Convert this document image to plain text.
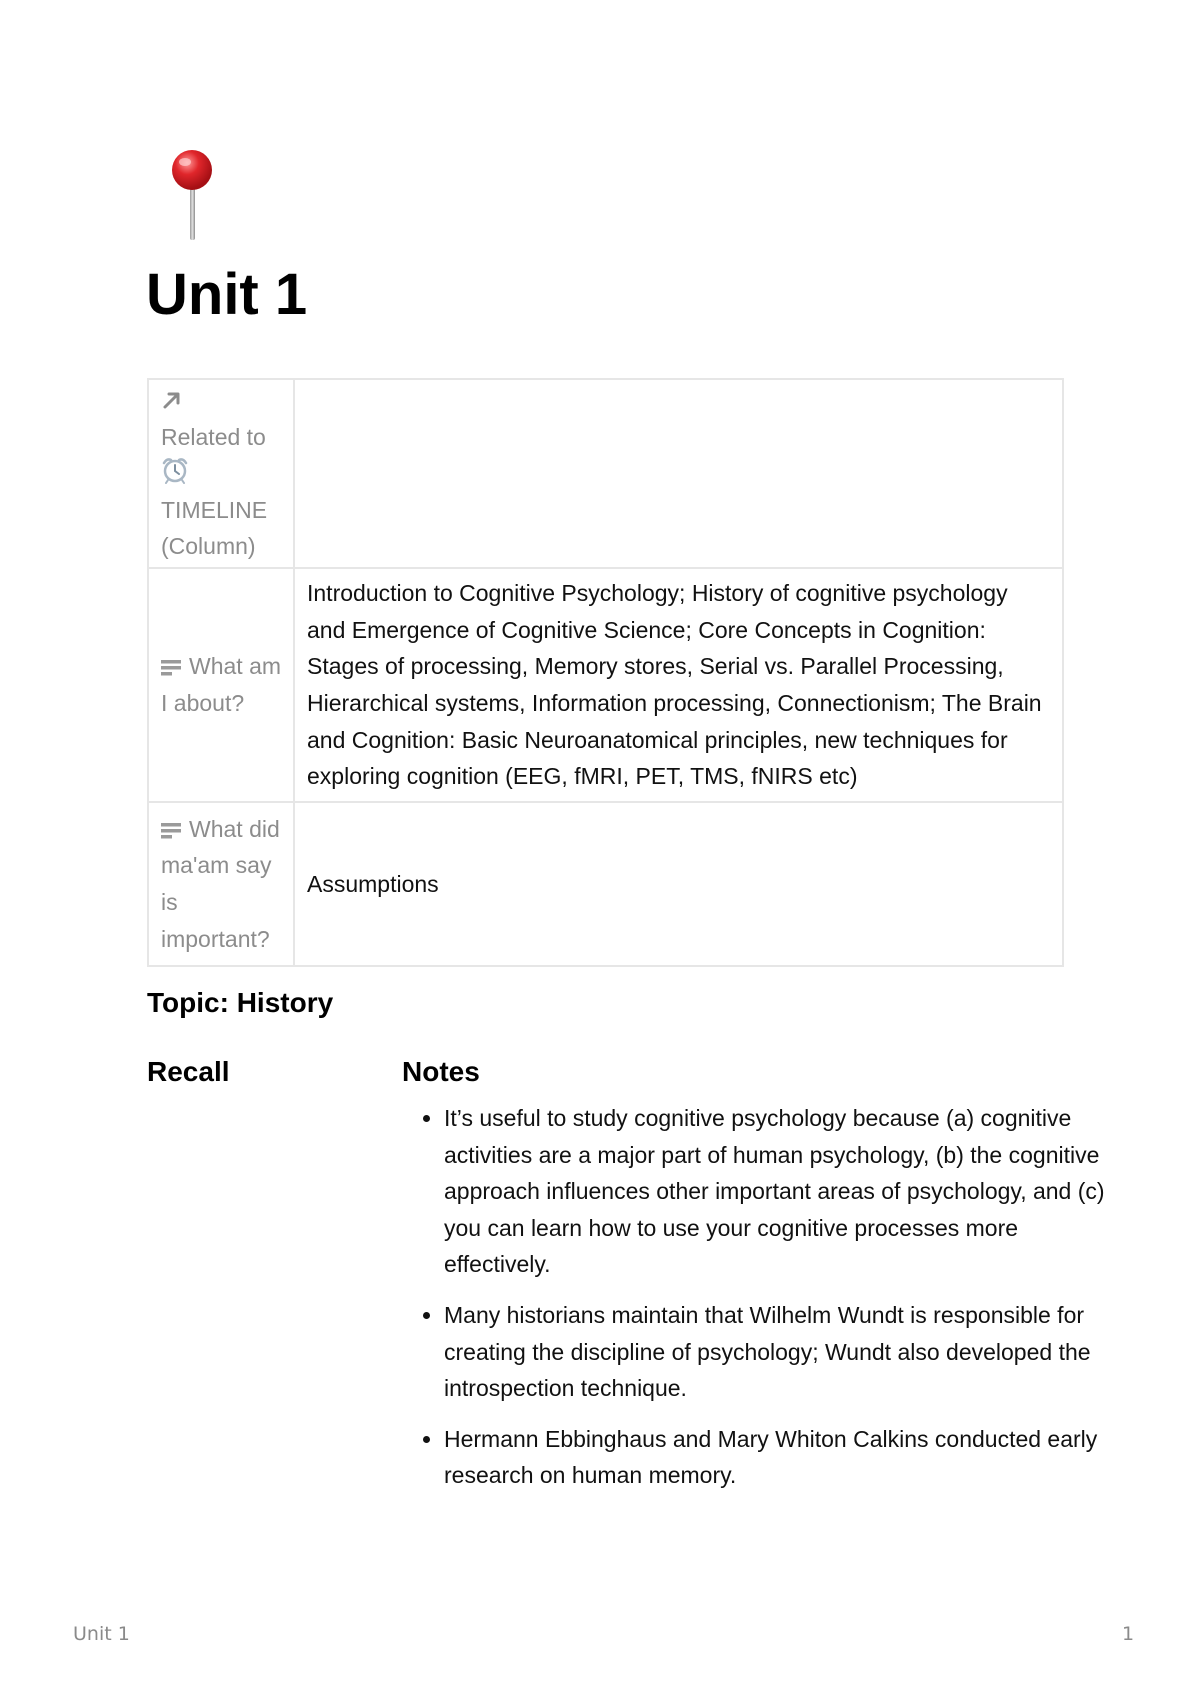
Unit 1

Related to

TIMELINE (Column)	
What am I about?	Introduction to Cognitive Psychology; History of cognitive psychology and Emergence of Cognitive Science; Core Concepts in Cognition: Stages of processing, Memory stores, Serial vs. Parallel Processing, Hierarchical systems, Information processing, Connectionism; The Brain and Cognition: Basic Neuroanatomical principles, new techniques for exploring cognition (EEG, fMRI, PET, TMS, fNIRS etc)
What did ma'am say is important?	Assumptions
Topic: History
Recall	Notes
• It’s useful to study cognitive psychology because (a) cognitive activities are a major part of human psychology, (b) the cognitive approach influences other important areas of psychology, and (c) you can learn how to use your cognitive processes more effectively.
• Many historians maintain that Wilhelm Wundt is responsible for creating the discipline of psychology; Wundt also developed the introspection technique.
• Hermann Ebbinghaus and Mary Whiton Calkins conducted early research on human memory.
Unit 1	1
